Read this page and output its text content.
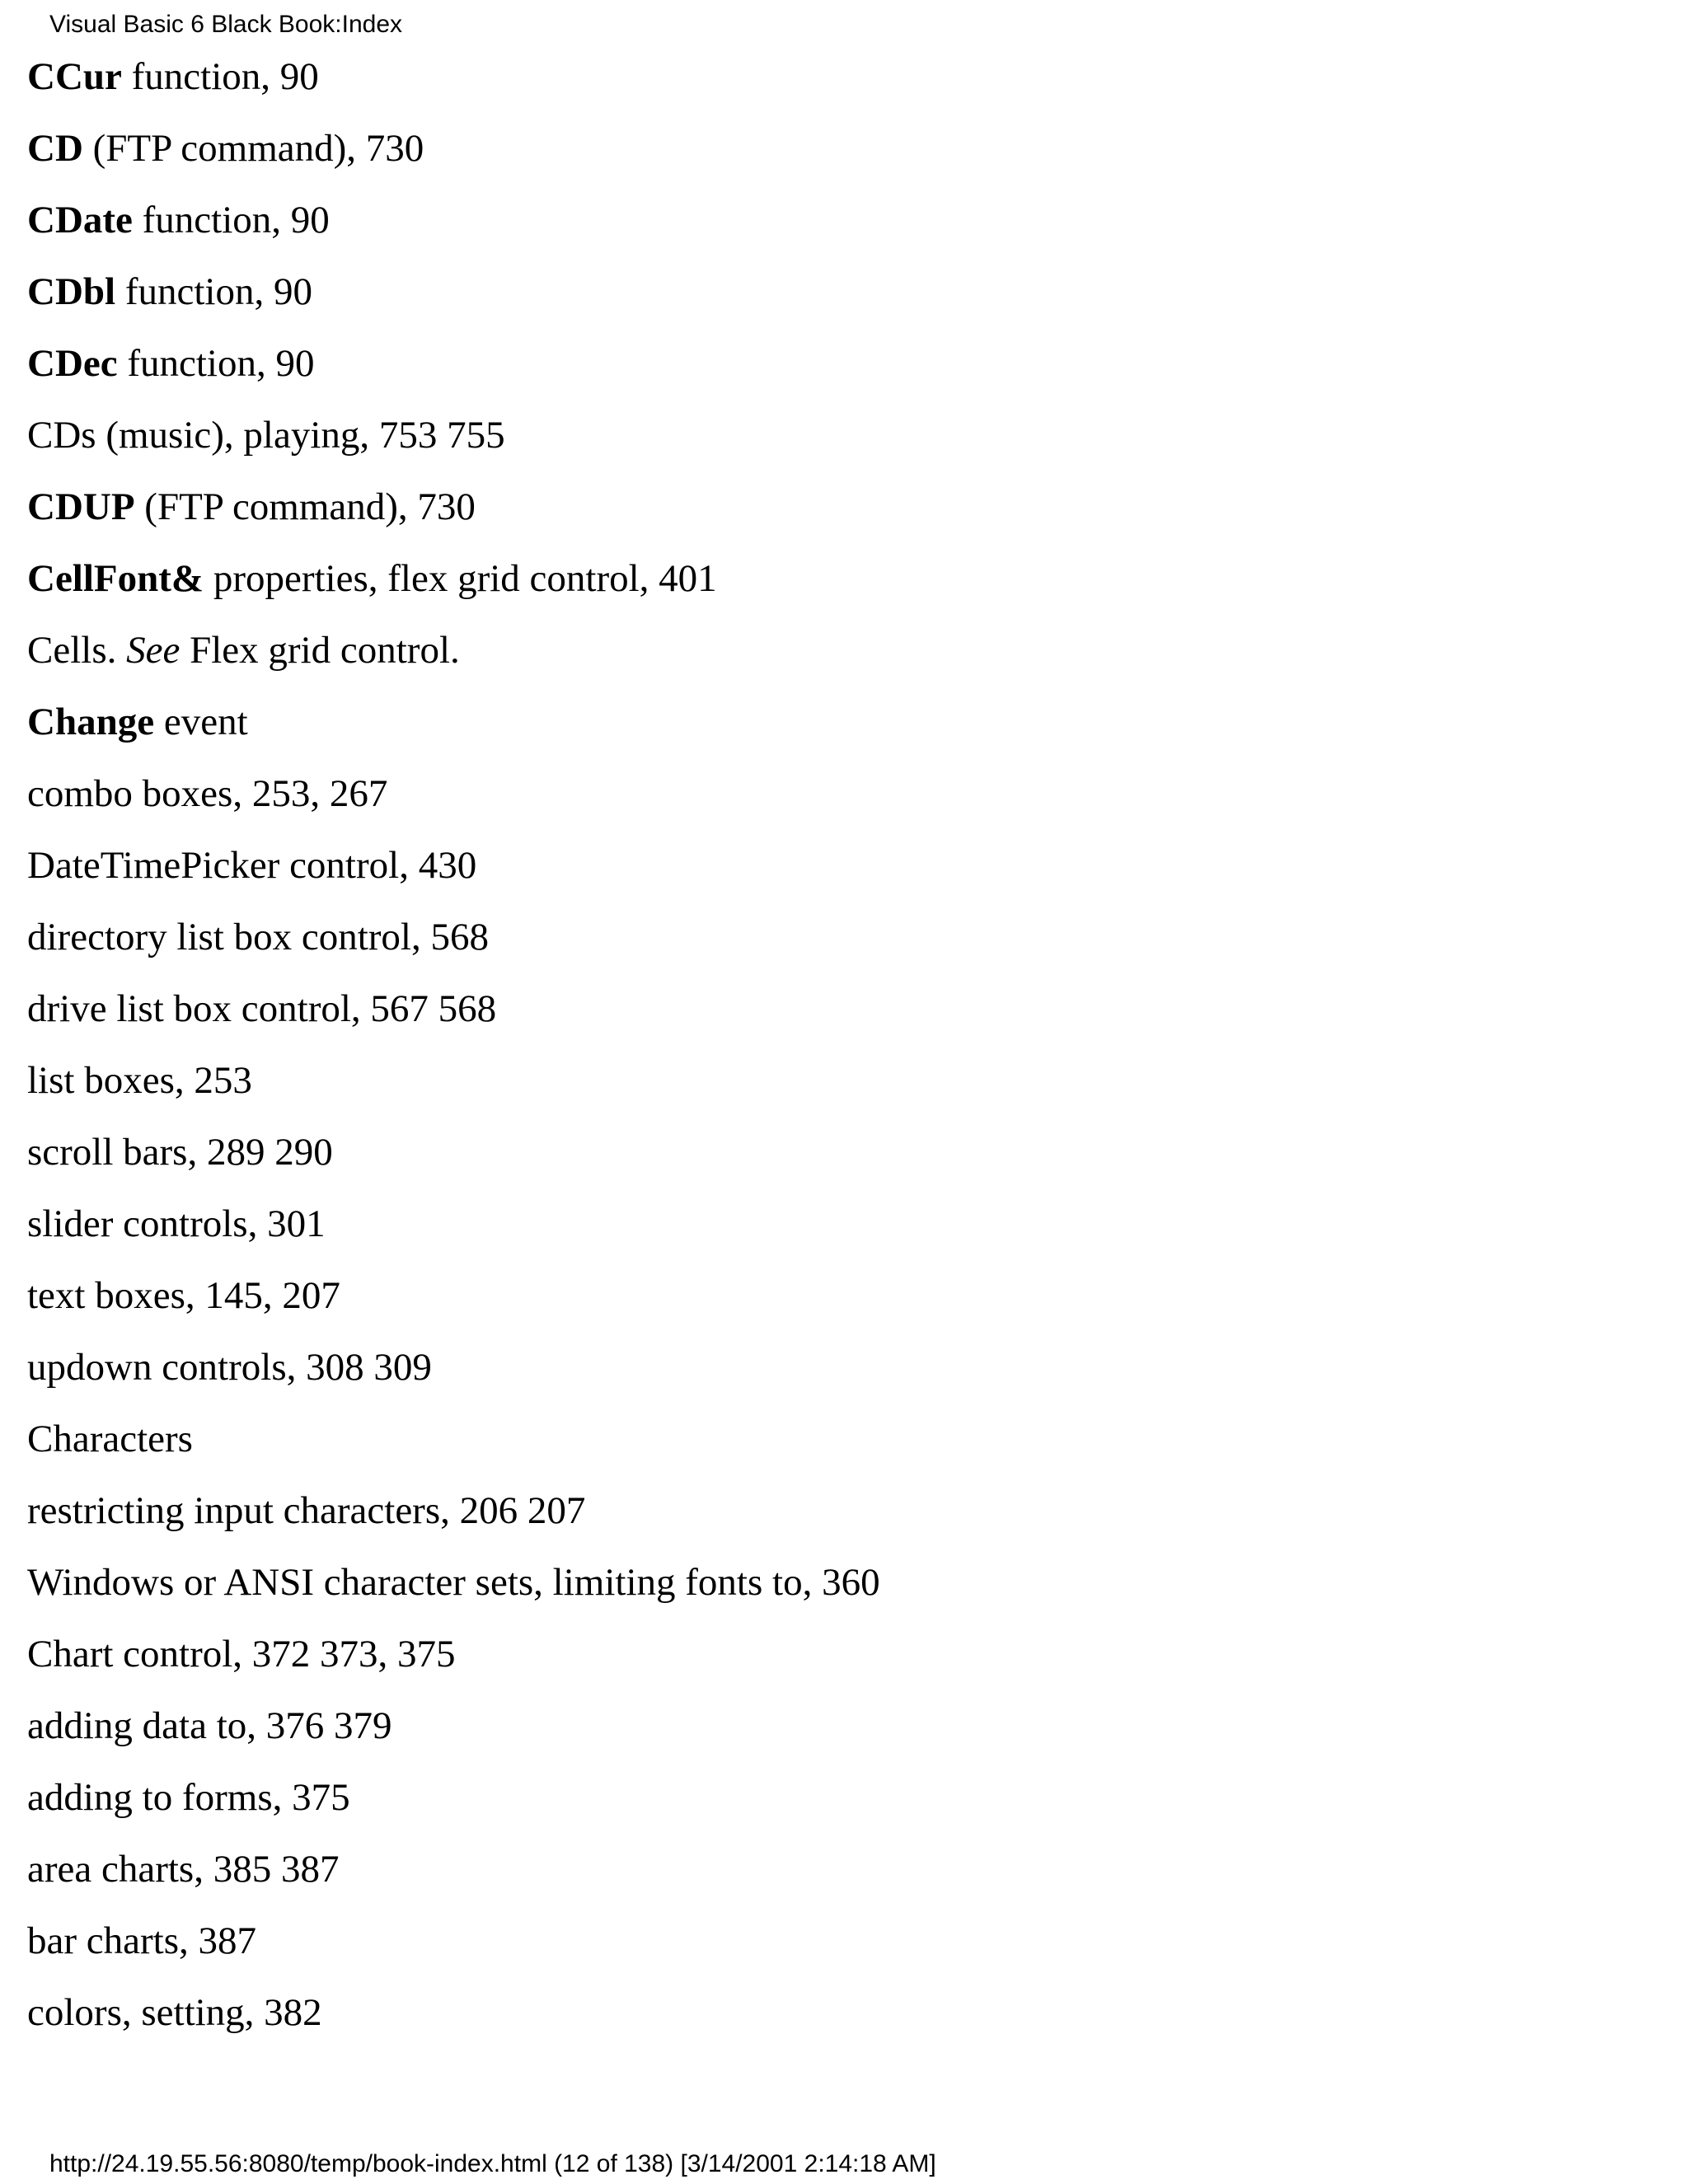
Visual Basic 6 Black Book:Index
CCur function, 90
CD (FTP command), 730
CDate function, 90
CDbl function, 90
CDec function, 90
CDs (music), playing, 753 755
CDUP (FTP command), 730
CellFont& properties, flex grid control, 401
Cells. See Flex grid control.
Change event
combo boxes, 253, 267
DateTimePicker control, 430
directory list box control, 568
drive list box control, 567 568
list boxes, 253
scroll bars, 289 290
slider controls, 301
text boxes, 145, 207
updown controls, 308 309
Characters
restricting input characters, 206 207
Windows or ANSI character sets, limiting fonts to, 360
Chart control, 372 373, 375
adding data to, 376 379
adding to forms, 375
area charts, 385 387
bar charts, 387
colors, setting, 382
http://24.19.55.56:8080/temp/book-index.html (12 of 138) [3/14/2001 2:14:18 AM]
